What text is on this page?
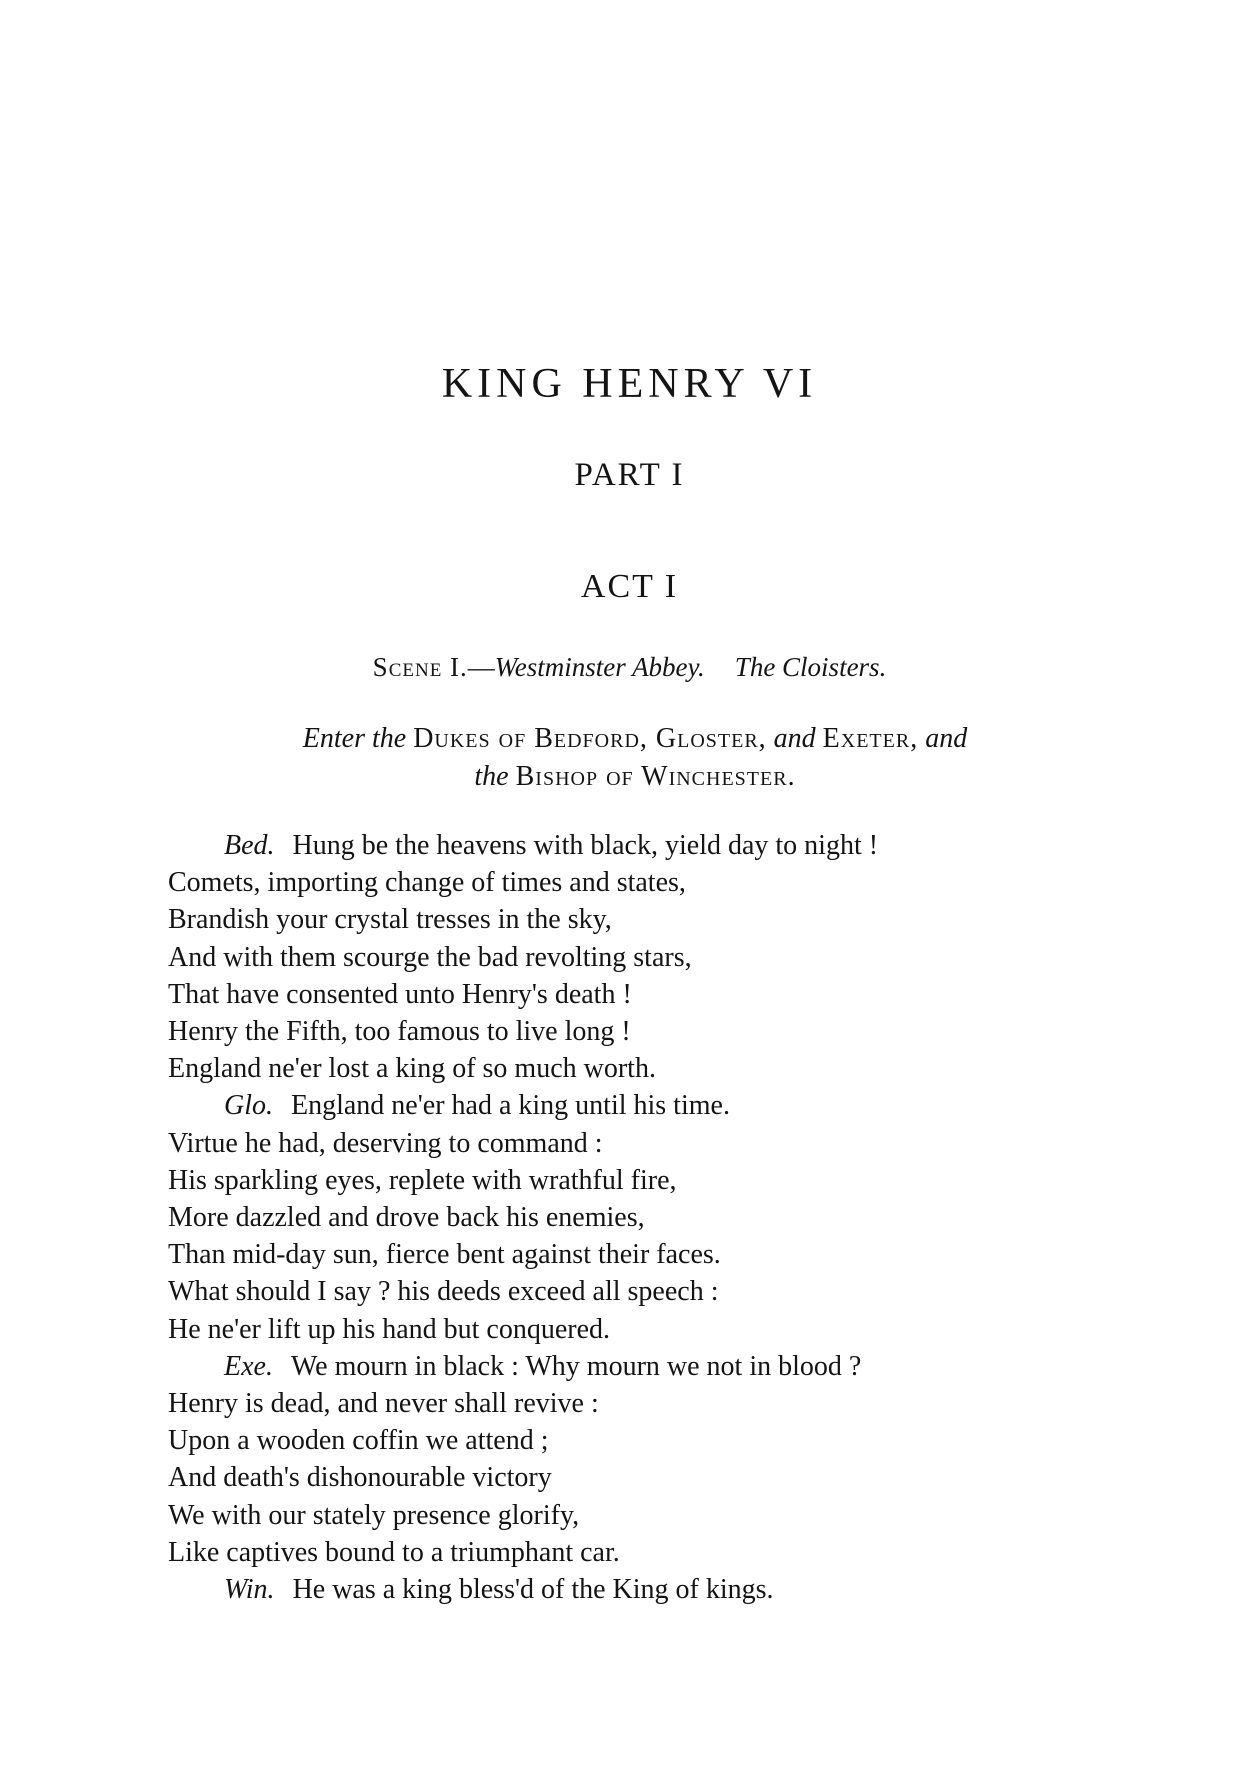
KING HENRY VI
PART I
ACT I

Scene I.—Westminster Abbey. The Cloisters.

Enter the Dukes of Bedford, Gloster, and Exeter, and
the Bishop of Winchester.

Bed. Hung be the heavens with black, yield day to night !
Comets, importing change of times and states,
Brandish your crystal tresses in the sky,
And with them scourge the bad revolting stars,
That have consented unto Henry's death !
Henry the Fifth, too famous to live long !
England ne'er lost a king of so much worth.
Glo. England ne'er had a king until his time.
Virtue he had, deserving to command :
His sparkling eyes, replete with wrathful fire,
More dazzled and drove back his enemies,
Than mid-day sun, fierce bent against their faces.
What should I say ? his deeds exceed all speech :
He ne'er lift up his hand but conquered.
Exe. We mourn in black : Why mourn we not in blood ?
Henry is dead, and never shall revive :
Upon a wooden coffin we attend ;
And death's dishonourable victory
We with our stately presence glorify,
Like captives bound to a triumphant car.
Win. He was a king bless'd of the King of kings.
